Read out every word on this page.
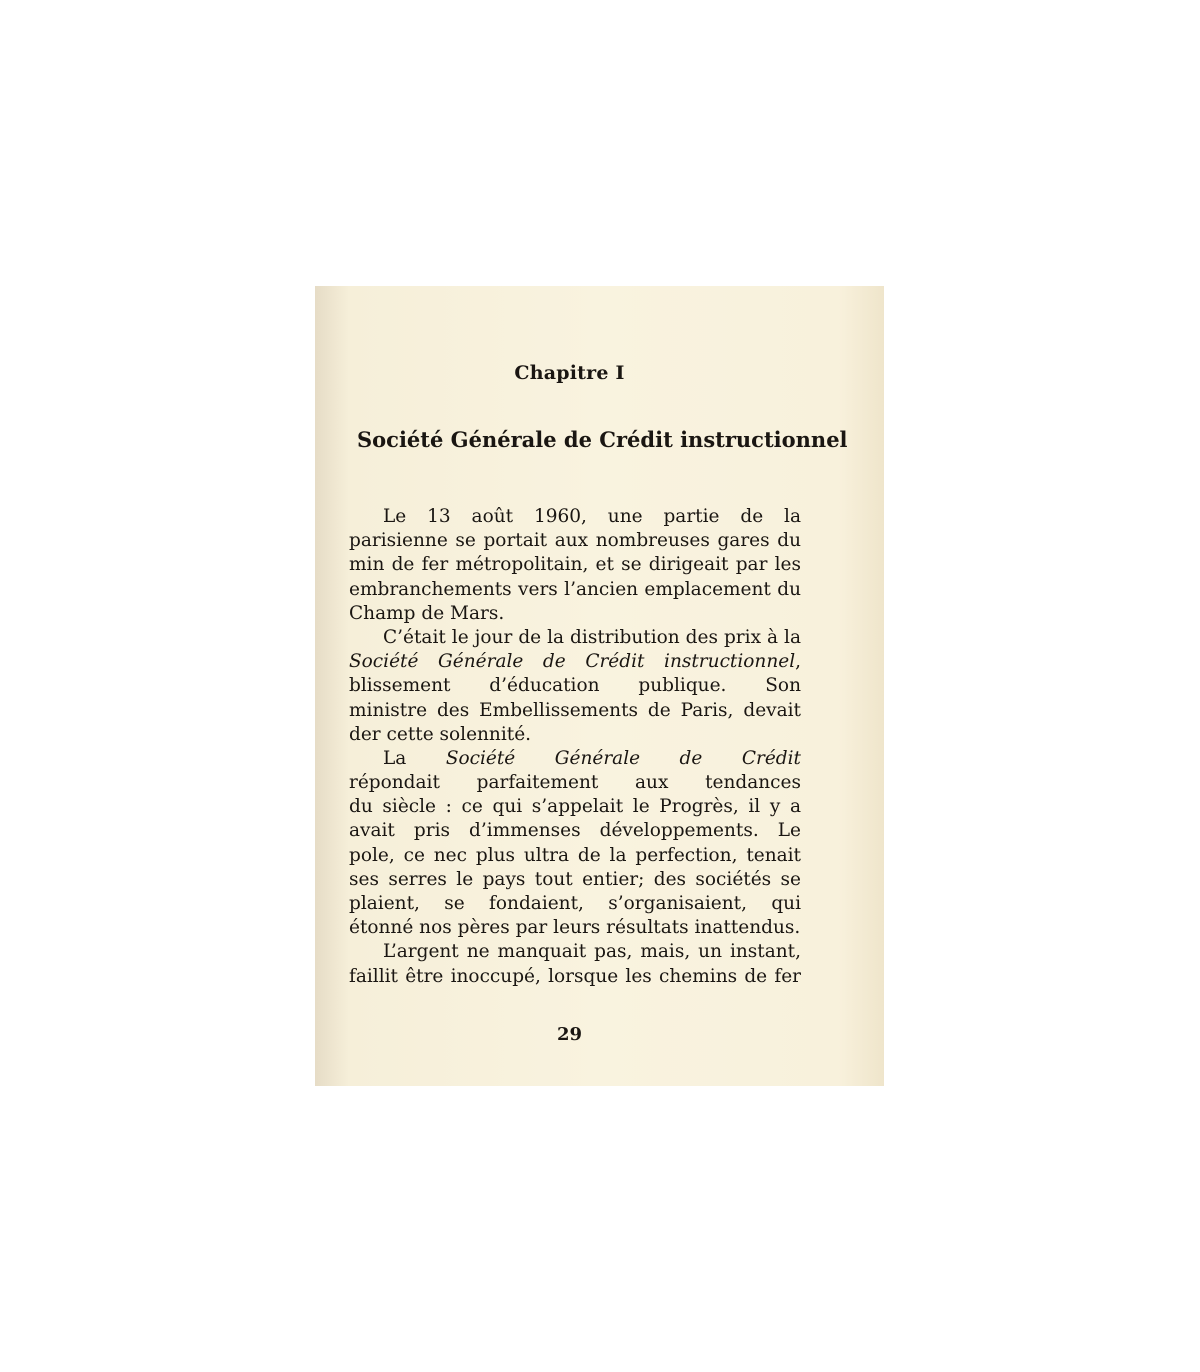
Chapitre I
Société Générale de Crédit instructionnel
Le 13 août 1960, une partie de la
parisienne se portait aux nombreuses gares du
min de fer métropolitain, et se dirigeait par les
embranchements vers l’ancien emplacement du
Champ de Mars.
C’était le jour de la distribution des prix à la
Société Générale de Crédit instructionnel,
blissement d’éducation publique. Son
ministre des Embellissements de Paris, devait
der cette solennité.
La Société Générale de Crédit
répondait parfaitement aux tendances
du siècle : ce qui s’appelait le Progrès, il y a
avait pris d’immenses développements. Le
pole, ce nec plus ultra de la perfection, tenait
ses serres le pays tout entier; des sociétés se
plaient, se fondaient, s’organisaient, qui
étonné nos pères par leurs résultats inattendus.
L’argent ne manquait pas, mais, un instant,
faillit être inoccupé, lorsque les chemins de fer
29
